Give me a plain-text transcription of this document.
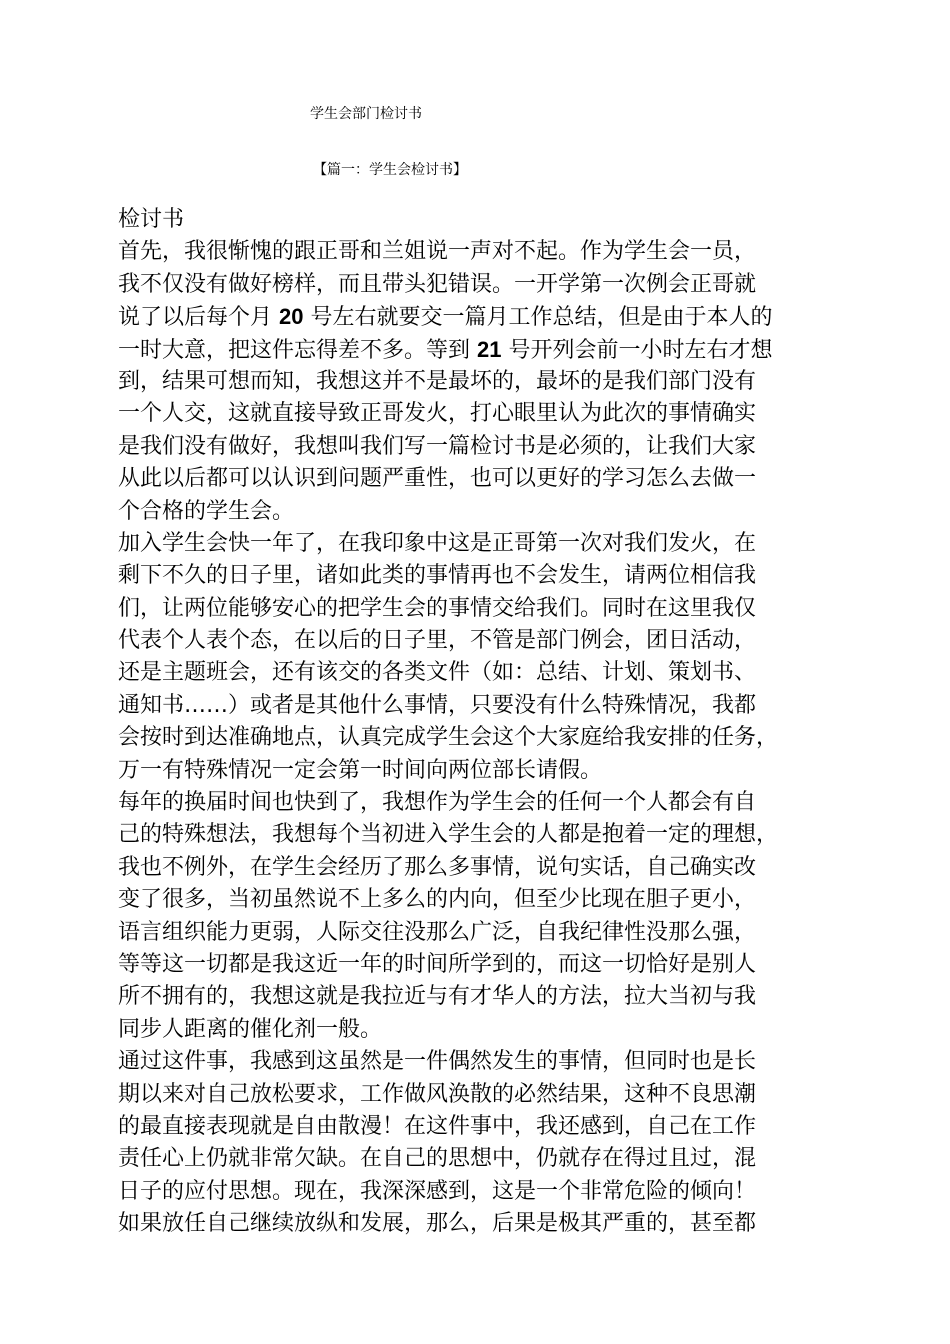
学生会部门检讨书
【篇一：学生会检讨书】
检讨书
首先，我很惭愧的跟正哥和兰姐说一声对不起。作为学生会一员，
我不仅没有做好榜样，而且带头犯错误。一开学第一次例会正哥就
说了以后每个月 20 号左右就要交一篇月工作总结，但是由于本人的
一时大意，把这件忘得差不多。等到 21 号开列会前一小时左右才想
到，结果可想而知，我想这并不是最坏的，最坏的是我们部门没有
一个人交，这就直接导致正哥发火，打心眼里认为此次的事情确实
是我们没有做好，我想叫我们写一篇检讨书是必须的，让我们大家
从此以后都可以认识到问题严重性，也可以更好的学习怎么去做一
个合格的学生会。
加入学生会快一年了，在我印象中这是正哥第一次对我们发火，在
剩下不久的日子里，诸如此类的事情再也不会发生，请两位相信我
们，让两位能够安心的把学生会的事情交给我们。同时在这里我仅
代表个人表个态，在以后的日子里，不管是部门例会，团日活动，
还是主题班会，还有该交的各类文件（如：总结、计划、策划书、
通知书……）或者是其他什么事情，只要没有什么特殊情况，我都
会按时到达准确地点，认真完成学生会这个大家庭给我安排的任务，
万一有特殊情况一定会第一时间向两位部长请假。
每年的换届时间也快到了，我想作为学生会的任何一个人都会有自
己的特殊想法，我想每个当初进入学生会的人都是抱着一定的理想，
我也不例外，在学生会经历了那么多事情，说句实话，自己确实改
变了很多，当初虽然说不上多么的内向，但至少比现在胆子更小，
语言组织能力更弱，人际交往没那么广泛，自我纪律性没那么强，
等等这一切都是我这近一年的时间所学到的，而这一切恰好是别人
所不拥有的，我想这就是我拉近与有才华人的方法，拉大当初与我
同步人距离的催化剂一般。
通过这件事，我感到这虽然是一件偶然发生的事情，但同时也是长
期以来对自己放松要求，工作做风涣散的必然结果，这种不良思潮
的最直接表现就是自由散漫！在这件事中，我还感到，自己在工作
责任心上仍就非常欠缺。在自己的思想中，仍就存在得过且过，混
日子的应付思想。现在，我深深感到，这是一个非常危险的倾向！
如果放任自己继续放纵和发展，那么，后果是极其严重的，甚至都
